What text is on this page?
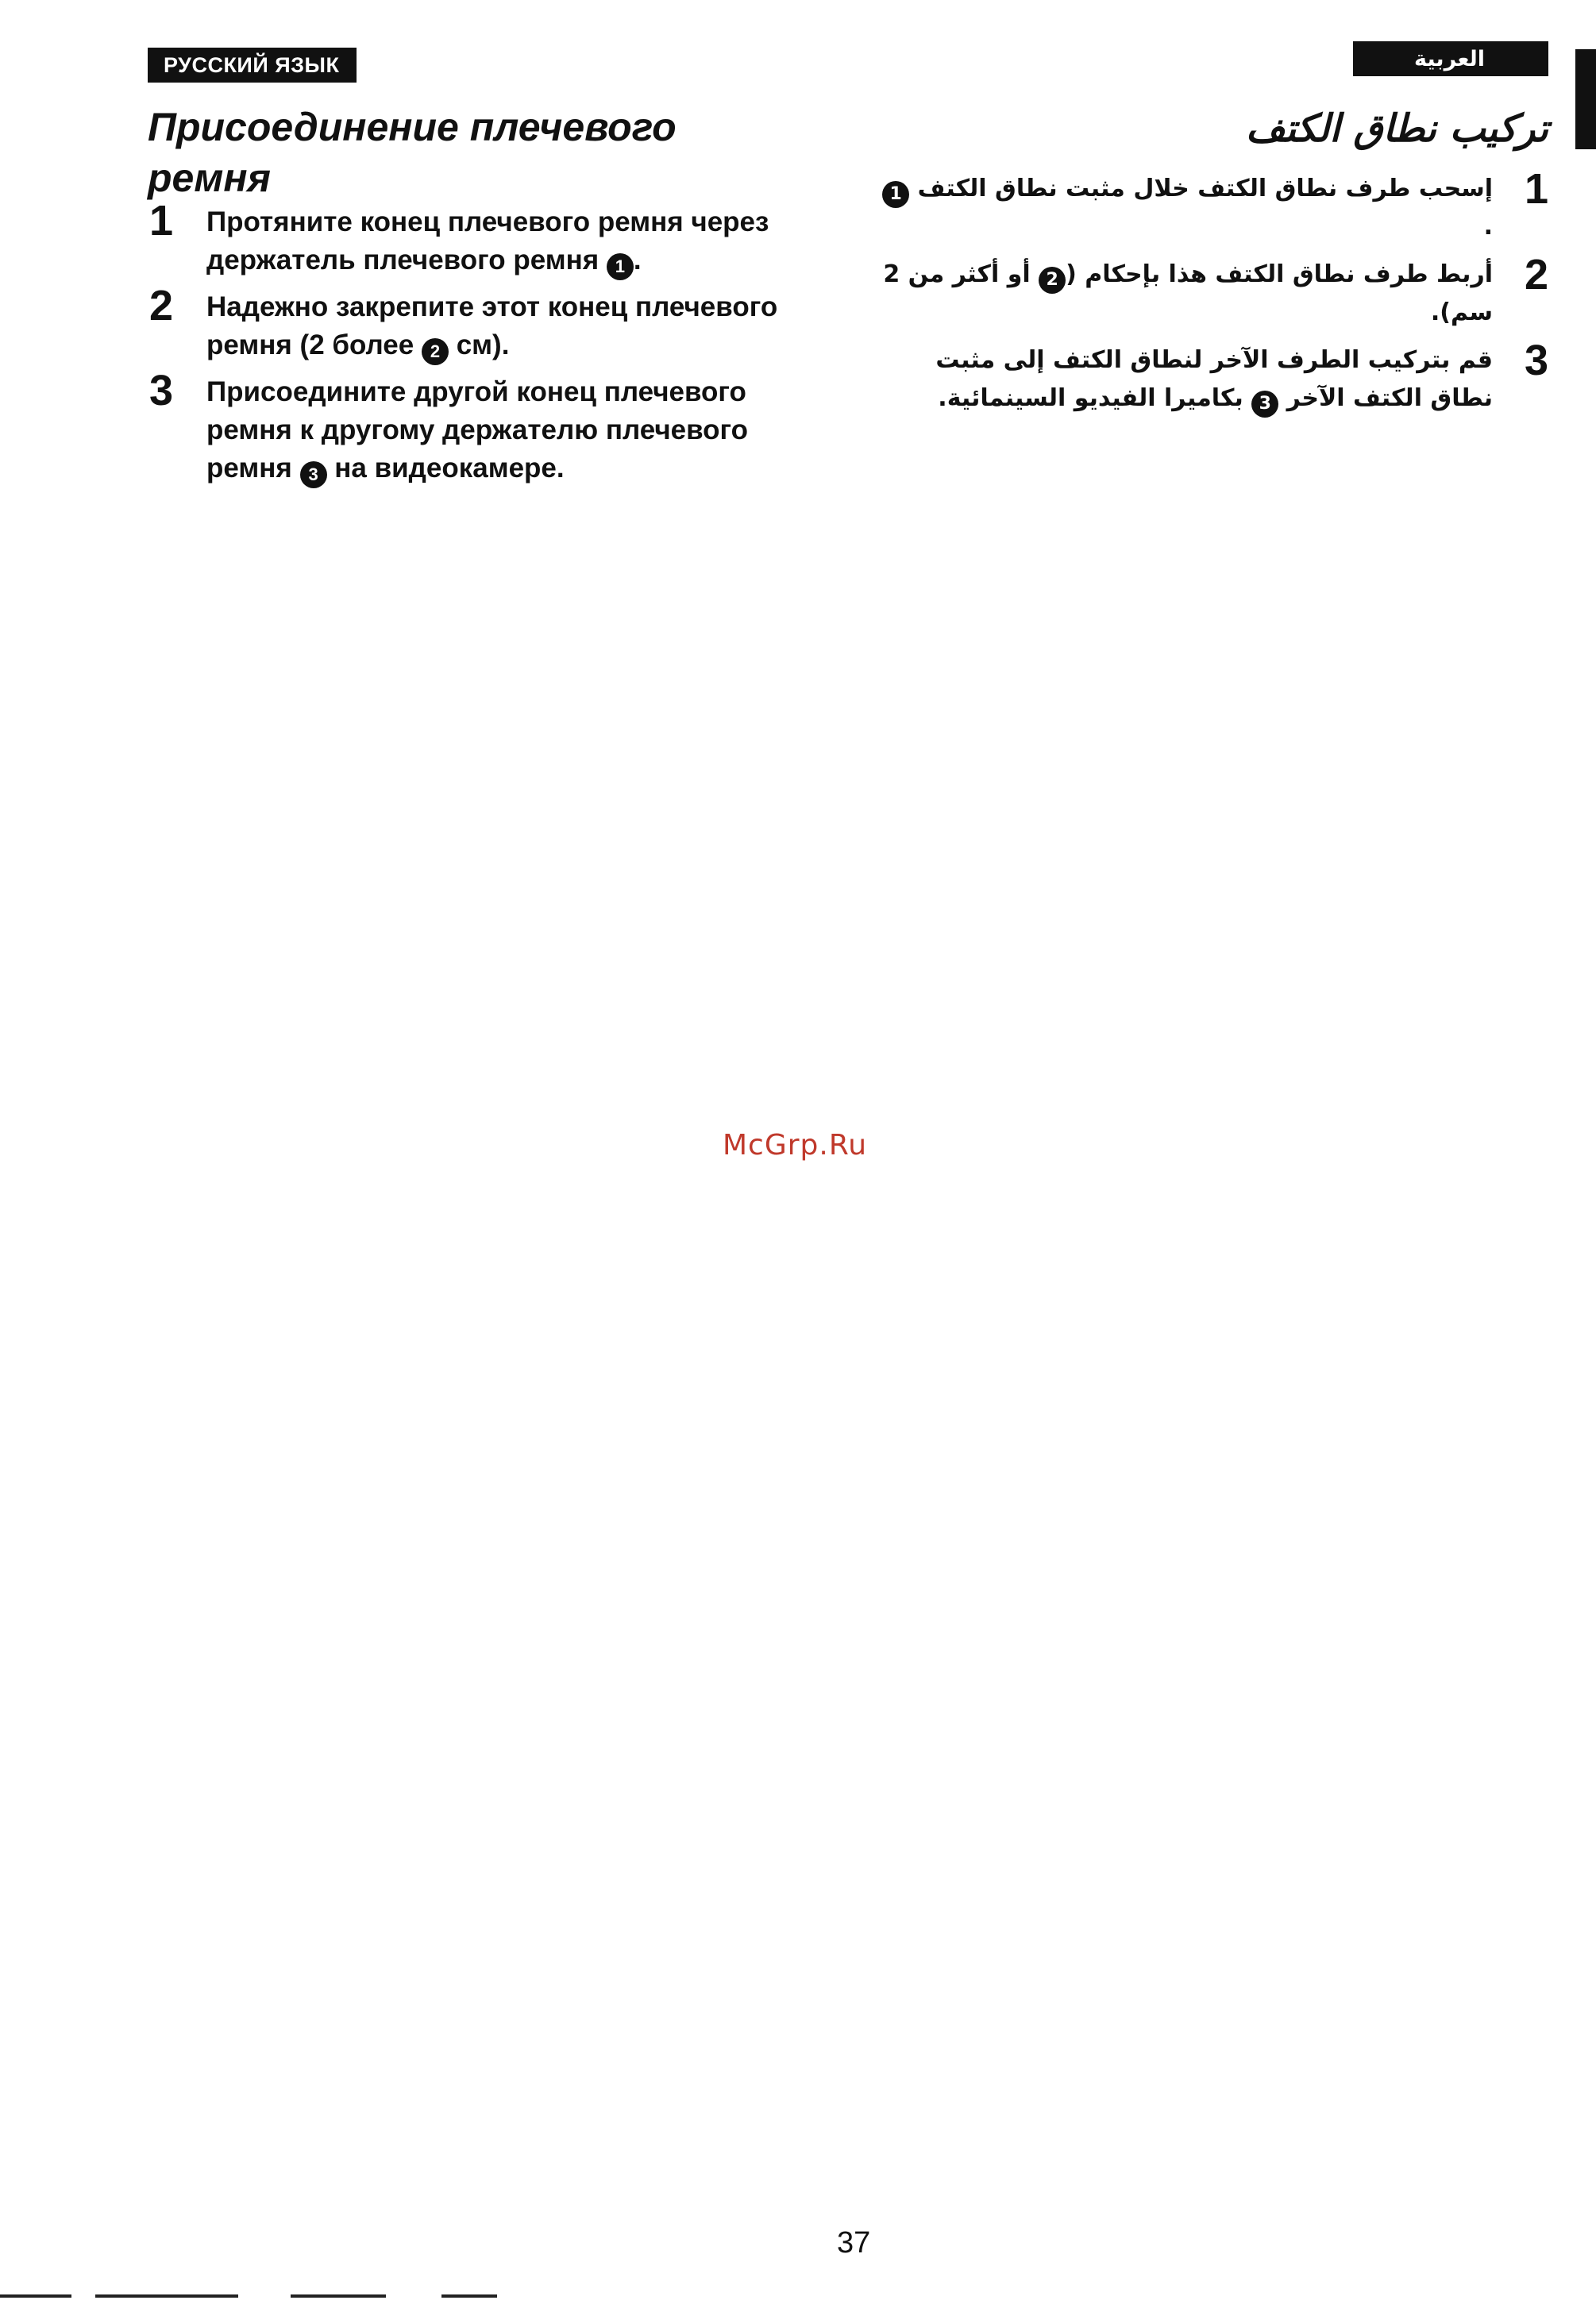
РУССКИЙ ЯЗЫК	العربية
Присоединение плечевого ремня
1 Протяните конец плечевого ремня через держатель плечевого ремня 1 .
2 Надежно закрепите этот конец плечевого ремня (2 более 2 см).
3 Присоедините другой конец плечевого ремня к другому держателю плечевого ремня 3 на видеокамере.
تركيب نطاق الكتف
1
إسحب طرف نطاق الكتف خلال مثبت نطاق الكتف 1.
2
أربط طرف نطاق الكتف هذا بإحكام (2 أو أكثر من 2 سم).
3
قم بتركيب الطرف الآخر لنطاق الكتف إلى مثبت نطاق الكتف الآخر 3 بكاميرا الفيديو السينمائية.
McGrp.Ru
37
